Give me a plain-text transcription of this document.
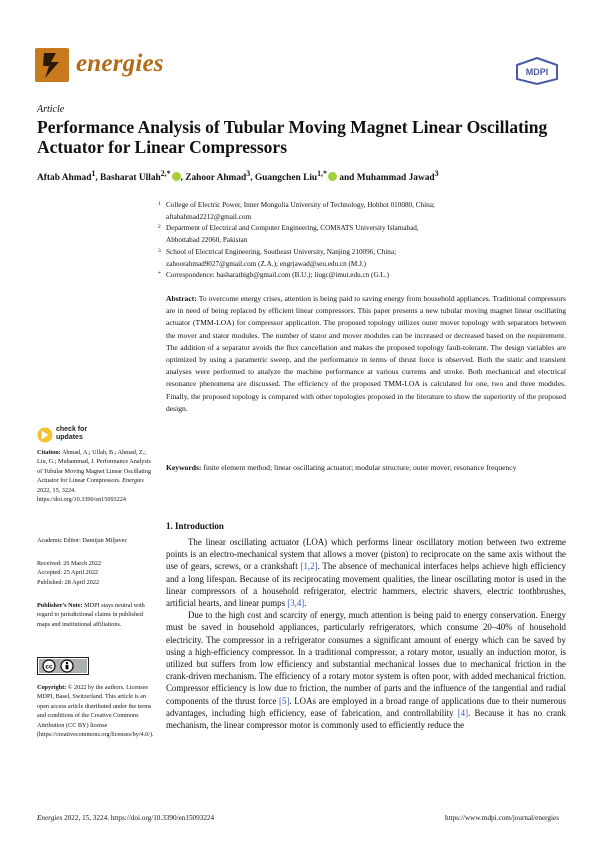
energies	MDPI
Article
Performance Analysis of Tubular Moving Magnet Linear Oscillating Actuator for Linear Compressors
Aftab Ahmad$^1$, Basharat Ullah$^{2,*}$ , Zahoor Ahmad$^3$, Guangchen Liu$^{1,*}$ and Muhammad Jawad$^3$
1 College of Electric Power, Inner Mongolia University of Technology, Hohhot 010080, China;
aftabahmad2212@gmail.com
2 Department of Electrical and Computer Engineering, COMSATS University Islamabad,
Abbottabad 22060, Pakistan
3 School of Electrical Engineering, Southeast University, Nanjing 210096, China;
zahoorahmad9027@gmail.com (Z.A.); engrjawad@seu.edu.cn (M.J.)
* Correspondence: basharatbigb@gmail.com (B.U.); liugc@imut.edu.cn (G.L.)
Abstract: To overcome energy crises, attention is being paid to saving energy from household appliances. Traditional compressors are in need of being replaced by efficient linear compressors. This paper presents a new tubular moving magnet linear oscillating actuator (TMM-LOA) for compressor application. The proposed topology utilizes outer mover topology with separators between the mover and stator modules. The number of stator and mover modules can be increased or decreased based on the requirement. The addition of a separator avoids the flux cancellation and makes the proposed topology fault-tolerant. The design variables are optimized by using a parametric sweep, and the performance in terms of thrust force is observed. Both the static and transient analyses were performed to analyze the machine performance at various currents and stroke. Both mechanical and electrical resonance phenomena are discussed. The efficiency of the proposed TMM-LOA is calculated for one, two and three modules. Finally, the proposed topology is compared with other topologies proposed in the literature to show the superiority of the proposed design.
Keywords: finite element method; linear oscillating actuator; modular structure; outer mover; resonance frequency
check for
updates
Citation: Ahmad, A.; Ullah, B.; Ahmad, Z.; Liu, G.; Muhammad, J. Performance Analysis of Tubular Moving Magnet Linear Oscillating Actuator for Linear Compressors. Energies 2022, 15, 3224. https://doi.org/10.3390/en15093224
Academic Editor: Damijan Miljavec
Received: 26 March 2022
Accepted: 25 April 2022
Published: 28 April 2022
Publisher's Note: MDPI stays neutral with regard to jurisdictional claims in published maps and institutional affiliations.
cc
Copyright: © 2022 by the authors. Licensee MDPI, Basel, Switzerland. This article is an open access article distributed under the terms and conditions of the Creative Commons Attribution (CC BY) license (https://creativecommons.org/licenses/by/4.0/).
1. Introduction

The linear oscillating actuator (LOA) which performs linear oscillatory motion between two extreme points is an electro-mechanical system that allows a mover (piston) to reciprocate on the same axis without the use of gears, screws, or a crankshaft [1,2]. The absence of mechanical interfaces helps achieve high efficiency and a long lifespan. Because of its reciprocating movement qualities, the linear oscillating motor is used in the linear compressors of a household refrigerator, electric hammers, electric shavers, electric toothbrushes, artificial hearts, and linear pumps [3,4].

Due to the high cost and scarcity of energy, much attention is being paid to energy conservation. Energy must be saved in household appliances, particularly refrigerators, which consume 20–40% of household electricity. The compressor in a refrigerator consumes a significant amount of energy which can be saved by using a high-efficiency compressor. In a traditional compressor, a rotary motor, usually an induction motor, is utilized but suffers from low efficiency and substantial mechanical losses due to mechanical friction in the crank-driven mechanism. The efficiency of a rotary motor system is often poor, with added mechanical friction. Compressor efficiency is low due to friction, the number of parts and the influence of the tangential and radial components of the thrust force [5]. LOAs are employed in a broad range of applications due to their numerous advantages, including high efficiency, ease of fabrication, and controllability [4]. Because it has no crank mechanism, the linear compressor motor is commonly used to efficiently reduce the

Energies 2022, 15, 3224. https://doi.org/10.3390/en15093224	https://www.mdpi.com/journal/energies
